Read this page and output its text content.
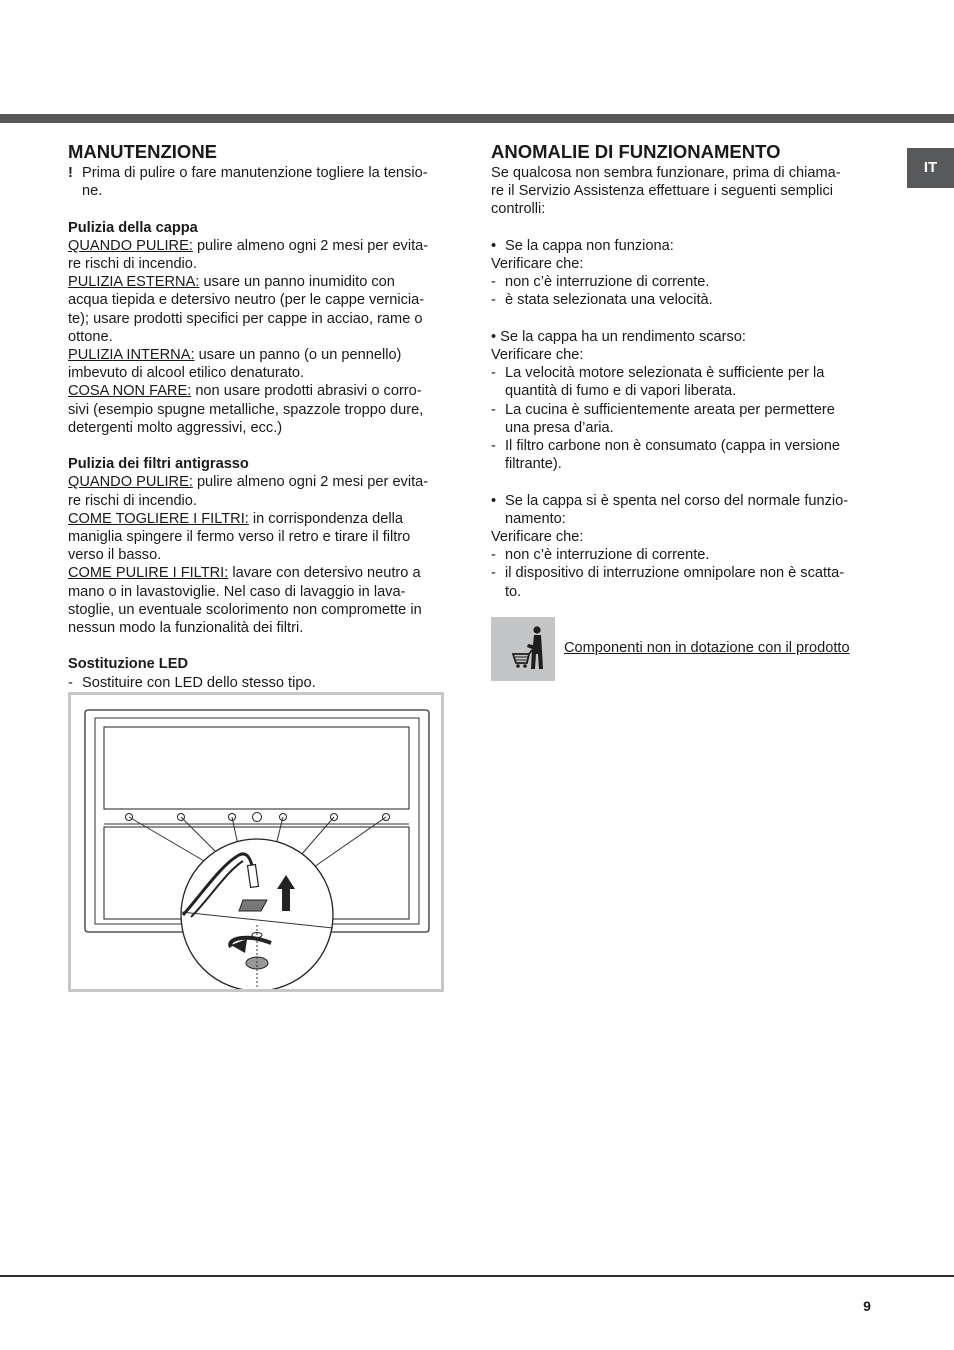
IT
MANUTENZIONE
! Prima di pulire o fare manutenzione togliere la tensio-

ne.

Pulizia della cappa

QUANDO PULIRE: pulire almeno ogni 2 mesi per evita-

re rischi di incendio.

PULIZIA ESTERNA: usare un panno inumidito con

acqua tiepida e detersivo neutro (per le cappe vernicia-

te); usare prodotti specifici per cappe in acciao, rame o

ottone.

PULIZIA INTERNA: usare un panno (o un pennello)

imbevuto di alcool etilico denaturato.

COSA NON FARE: non usare prodotti abrasivi o corro-

sivi (esempio spugne metalliche, spazzole troppo dure,

detergenti molto aggressivi, ecc.)

Pulizia dei filtri antigrasso

QUANDO PULIRE: pulire almeno ogni 2 mesi per evita-

re rischi di incendio.

COME TOGLIERE I FILTRI: in corrispondenza della

maniglia spingere il fermo verso il retro e tirare il filtro

verso il basso.

COME PULIRE I FILTRI: lavare con detersivo neutro a

mano o in lavastoviglie. Nel caso di lavaggio in lava-

stoglie, un eventuale scolorimento non compromette in

nessun modo la funzionalità dei filtri.

Sostituzione LED
- Sostituire con LED dello stesso tipo.

ANOMALIE DI FUNZIONAMENTO

Se qualcosa non sembra funzionare, prima di chiama-

re il Servizio Assistenza effettuare i seguenti semplici

controlli:

• Se la cappa non funziona:

Verificare che:

- non c’è interruzione di corrente.

- è stata selezionata una velocità.

• Se la cappa ha un rendimento scarso:

Verificare che:

- La velocità motore selezionata è sufficiente per la

quantità di fumo e di vapori liberata.

- La cucina è sufficientemente areata per permettere

una presa d’aria.

- Il filtro carbone non è consumato (cappa in versione

filtrante).

• Se la cappa si è spenta nel corso del normale funzio-

namento:

Verificare che:

- non c’è interruzione di corrente.

- il dispositivo di interruzione omnipolare non è scatta-

to.

Componenti non in dotazione con il prodotto
9
